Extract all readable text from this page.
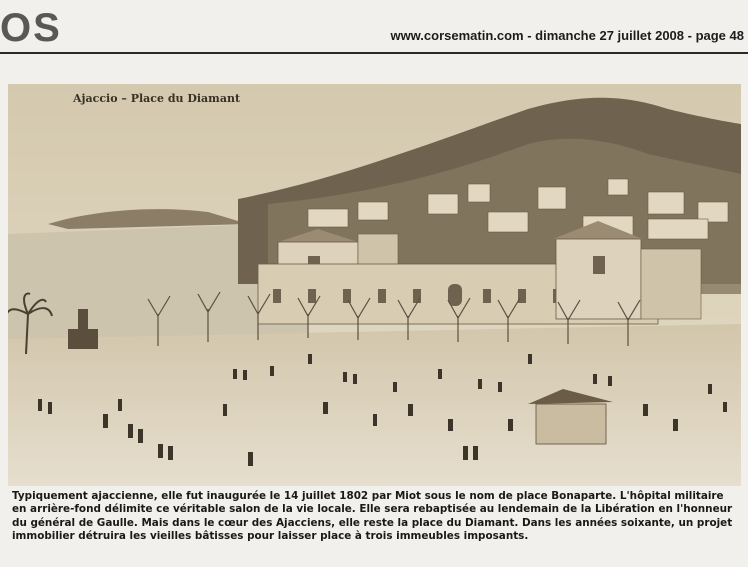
OS	www.corsematin.com - dimanche 27 juillet 2008 - page 48
Ajaccio – Place du Diamant
Typiquement ajaccienne, elle fut inaugurée le 14 juillet 1802 par Miot sous le nom de place Bonaparte. L'hôpital militaire en arrière-fond délimite ce véritable salon de la vie locale. Elle sera rebaptisée au lendemain de la Libération en l'honneur du général de Gaulle. Mais dans le cœur des Ajacciens, elle reste la place du Diamant. Dans les années soixante, un projet immobilier détruira les vieilles bâtisses pour laisser place à trois immeubles imposants.
